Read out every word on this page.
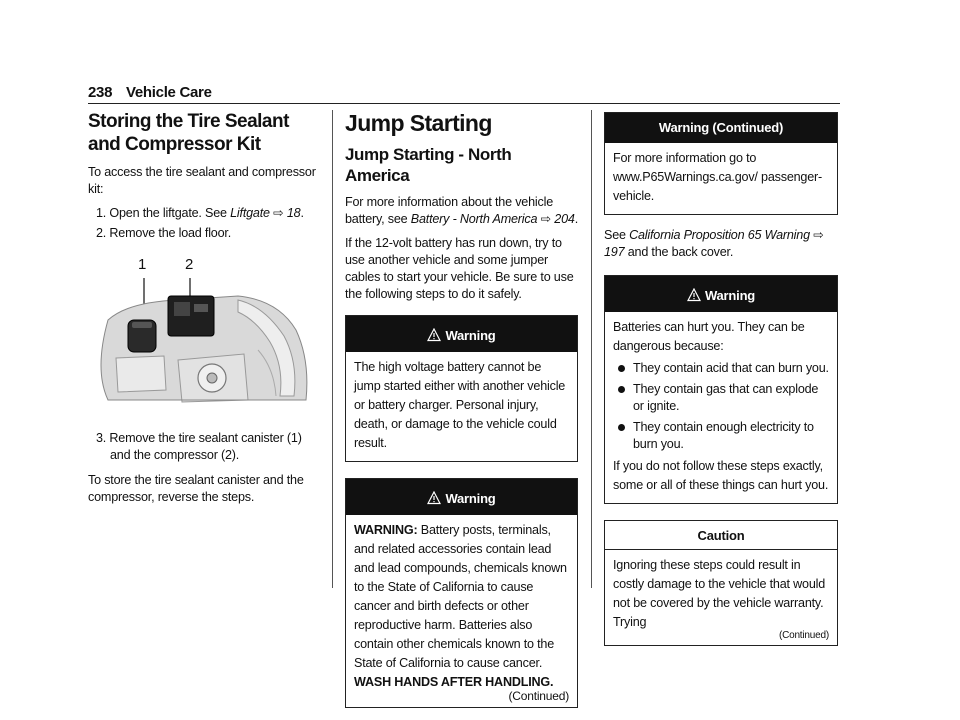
238 Vehicle Care
Storing the Tire Sealant and Compressor Kit

To access the tire sealant and compressor kit:

1. Open the liftgate. See Liftgate ⇨ 18.
2. Remove the load floor.
1	2
3. Remove the tire sealant canister (1) and the compressor (2).

To store the tire sealant canister and the compressor, reverse the steps.

Jump Starting
Jump Starting - North America

For more information about the vehicle battery, see Battery - North America ⇨ 204.

If the 12-volt battery has run down, try to use another vehicle and some jumper cables to start your vehicle. Be sure to use the following steps to do it safely.

Warning

The high voltage battery cannot be jump started either with another vehicle or battery charger. Personal injury, death, or damage to the vehicle could result.

Warning

WARNING: Battery posts, terminals, and related accessories contain lead and lead compounds, chemicals known to the State of California to cause cancer and birth defects or other reproductive harm. Batteries also contain other chemicals known to the State of California to cause cancer. WASH HANDS AFTER HANDLING.

(Continued)
Warning (Continued)

For more information go to www.P65Warnings.ca.gov/ passenger-vehicle.

See California Proposition 65 Warning ⇨ 197 and the back cover.

Warning

Batteries can hurt you. They can be dangerous because:

They contain acid that can burn you.
They contain gas that can explode or ignite.
They contain enough electricity to burn you.

If you do not follow these steps exactly, some or all of these things can hurt you.

Caution

Ignoring these steps could result in costly damage to the vehicle that would not be covered by the vehicle warranty. Trying

(Continued)
